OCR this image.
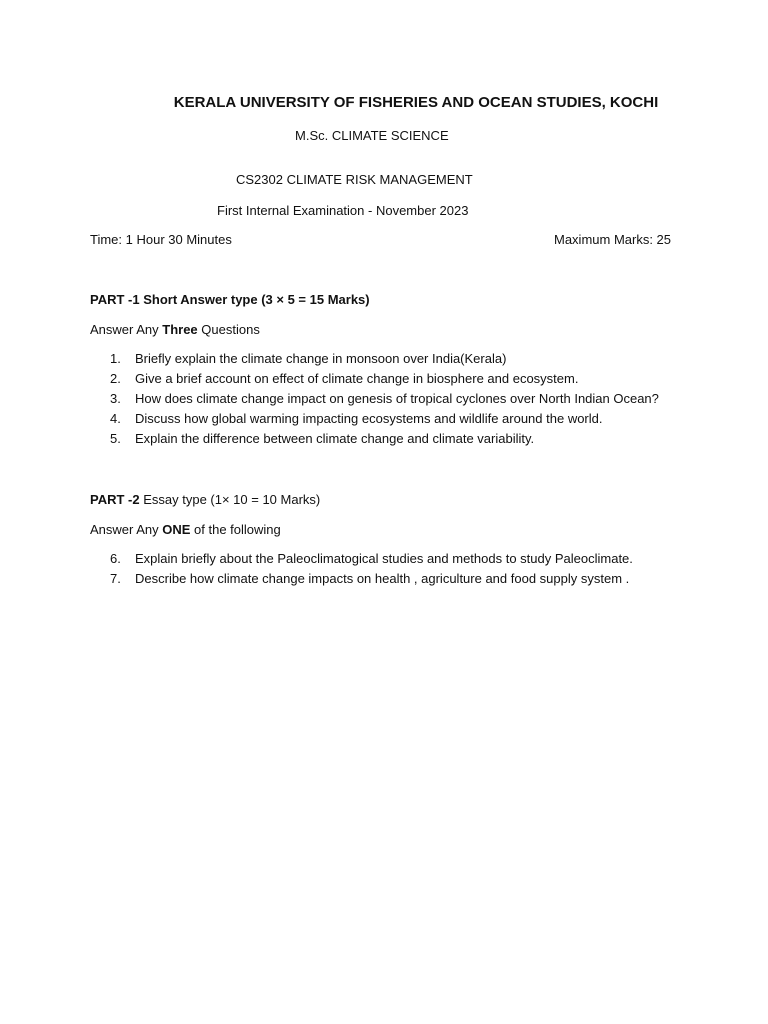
KERALA UNIVERSITY OF FISHERIES AND OCEAN STUDIES, KOCHI
M.Sc. CLIMATE SCIENCE
CS2302 CLIMATE RISK MANAGEMENT
First Internal Examination - November 2023
Time: 1 Hour 30 Minutes	Maximum Marks: 25
PART -1 Short Answer type (3 × 5 = 15 Marks)
Answer Any Three Questions
1.	Briefly explain the climate change in monsoon over India(Kerala)
2.	Give a brief account on effect of climate change in biosphere and ecosystem.
3.	How does climate change impact on genesis of tropical cyclones over North Indian Ocean?
4.	Discuss how global warming impacting ecosystems and wildlife around the world.
5.	Explain the difference between climate change and climate variability.
PART -2 Essay type (1× 10 = 10 Marks)
Answer Any ONE of the following
6.	Explain briefly about the Paleoclimatogical studies and methods to study Paleoclimate.
7.	Describe how climate change impacts on health , agriculture and food supply system .
